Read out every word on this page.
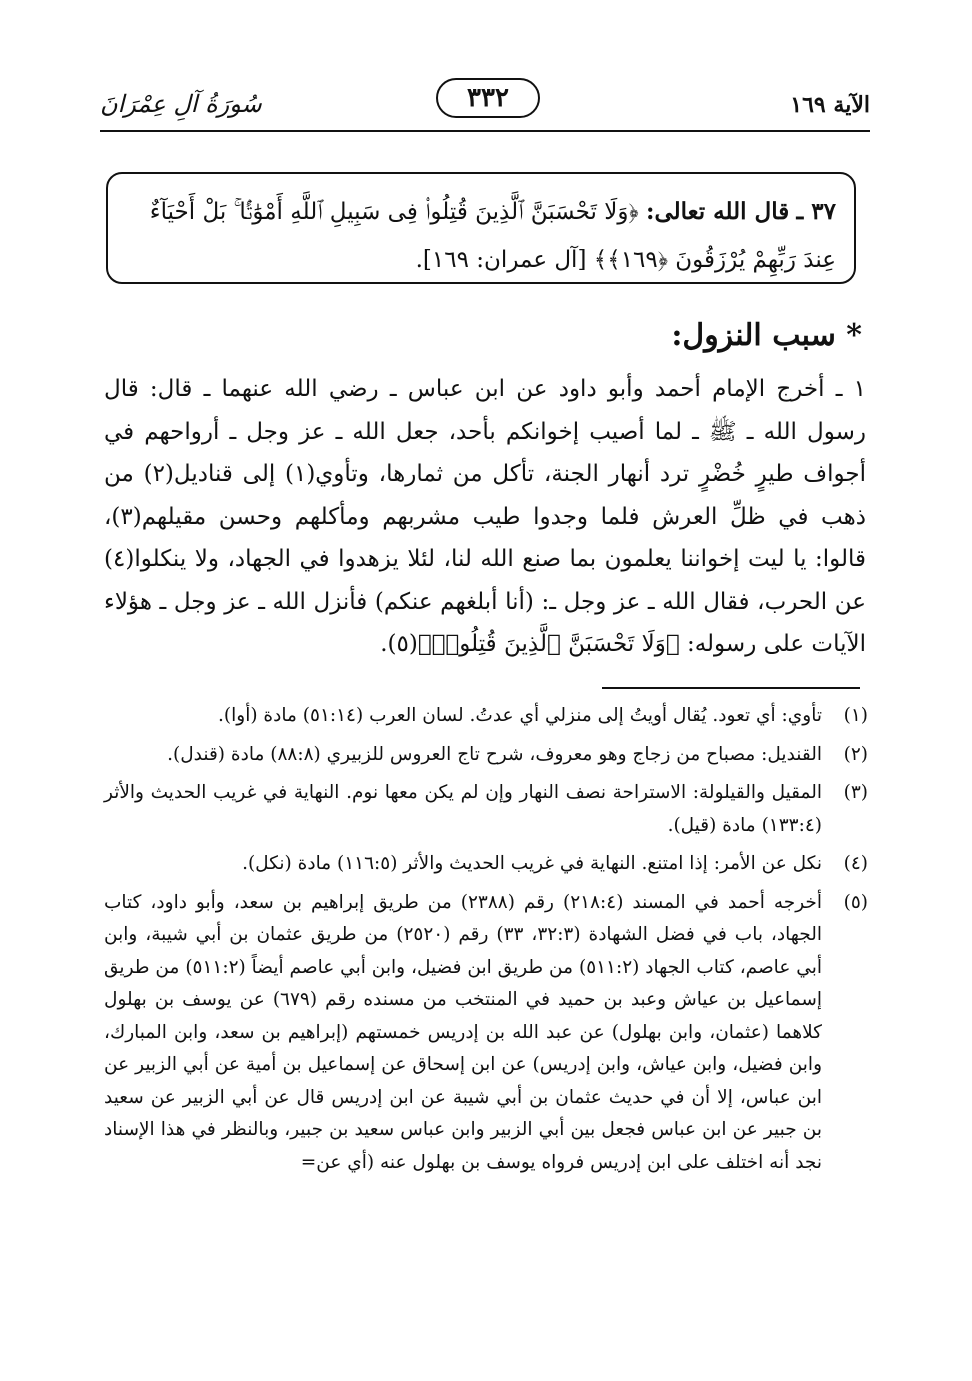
الآية ١٦٩
٣٣٢
سُورَةُ آلِ عِمْرَانَ
٣٧ ـ قال الله تعالى: ﴿وَلَا تَحْسَبَنَّ ٱلَّذِينَ قُتِلُوا۟ فِى سَبِيلِ ٱللَّهِ أَمْوَٰتًۢا ۚ بَلْ أَحْيَآءٌ عِندَ رَبِّهِمْ يُرْزَقُونَ ﴿١٦٩﴾﴾ [آل عمران: ١٦٩].
* سبب النزول:
١ ـ أخرج الإمام أحمد وأبو داود عن ابن عباس ـ رضي الله عنهما ـ قال: قال رسول الله ـ ﷺ ـ لما أصيب إخوانكم بأحد، جعل الله ـ عز وجل ـ أرواحهم في أجواف طيرٍ خُضْرٍ ترد أنهار الجنة، تأكل من ثمارها، وتأوي(١) إلى قناديل(٢) من ذهب في ظلِّ العرش فلما وجدوا طيب مشربهم ومأكلهم وحسن مقيلهم(٣)، قالوا: يا ليت إخواننا يعلمون بما صنع الله لنا، لئلا يزهدوا في الجهاد، ولا ينكلوا(٤) عن الحرب، فقال الله ـ عز وجل ـ: (أنا أبلغهم عنكم) فأنزل الله ـ عز وجل ـ هؤلاء الآيات على رسوله: ﴿وَلَا تَحْسَبَنَّ ٱلَّذِينَ قُتِلُوا۟﴾(٥).
(١)
تأوي: أي تعود. يُقال أويتُ إلى منزلي أي عدتُ. لسان العرب (٥١:١٤) مادة (أوا).
(٢)
القنديل: مصباح من زجاج وهو معروف، شرح تاج العروس للزبيري (٨٨:٨) مادة (قندل).
(٣)
المقيل والقيلولة: الاستراحة نصف النهار وإن لم يكن معها نوم. النهاية في غريب الحديث والأثر (١٣٣:٤) مادة (قيل).
(٤)
نكل عن الأمر: إذا امتنع. النهاية في غريب الحديث والأثر (١١٦:٥) مادة (نكل).
(٥)
أخرجه أحمد في المسند (٢١٨:٤) رقم (٢٣٨٨) من طريق إبراهيم بن سعد، وأبو داود، كتاب الجهاد، باب في فضل الشهادة (٣٢:٣، ٣٣) رقم (٢٥٢٠) من طريق عثمان بن أبي شيبة، وابن أبي عاصم، كتاب الجهاد (٥١١:٢) من طريق ابن فضيل، وابن أبي عاصم أيضاً (٥١١:٢) من طريق إسماعيل بن عياش وعبد بن حميد في المنتخب من مسنده رقم (٦٧٩) عن يوسف بن بهلول كلاهما (عثمان، وابن بهلول) عن عبد الله بن إدريس خمستهم (إبراهيم بن سعد، وابن المبارك، وابن فضيل، وابن عياش، وابن إدريس) عن ابن إسحاق عن إسماعيل بن أمية عن أبي الزبير عن ابن عباس، إلا أن في حديث عثمان بن أبي شيبة عن ابن إدريس قال عن أبي الزبير عن سعيد بن جبير عن ابن عباس فجعل بين أبي الزبير وابن عباس سعيد بن جبير، وبالنظر في هذا الإسناد نجد أنه اختلف على ابن إدريس فرواه يوسف بن بهلول عنه (أي عن=
